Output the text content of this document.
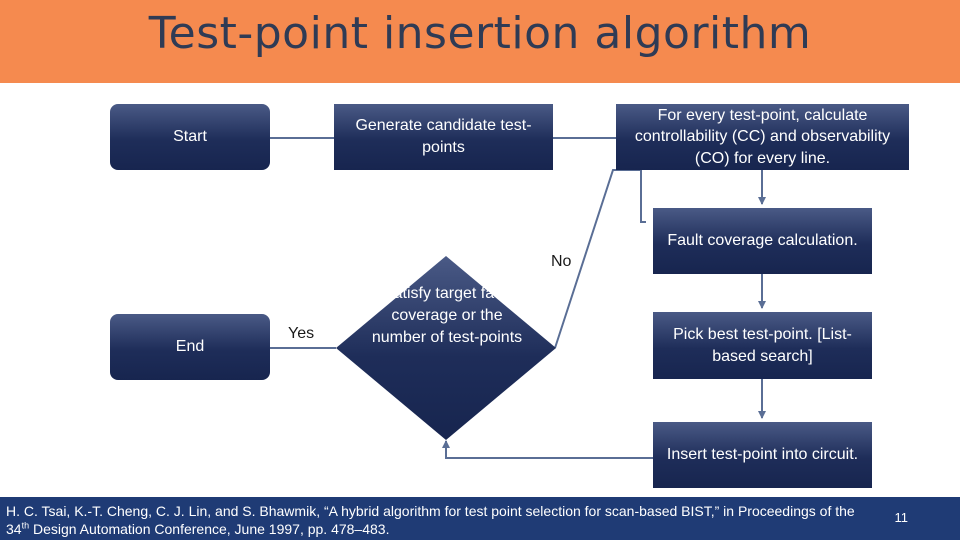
Test-point insertion algorithm
Start
Generate candidate test-points
For every test-point, calculate controllability (CC) and observability (CO) for every line.
Fault coverage calculation.
Pick best test-point. [List-based search]
Insert test-point into circuit.
End
Satisfy target fault coverage or the number of test-points
Yes
No
H. C. Tsai, K.-T. Cheng, C. J. Lin, and S. Bhawmik, “A hybrid algorithm for test point selection for scan-based BIST,” in Proceedings of the 34th Design Automation Conference, June 1997, pp. 478–483.
11
